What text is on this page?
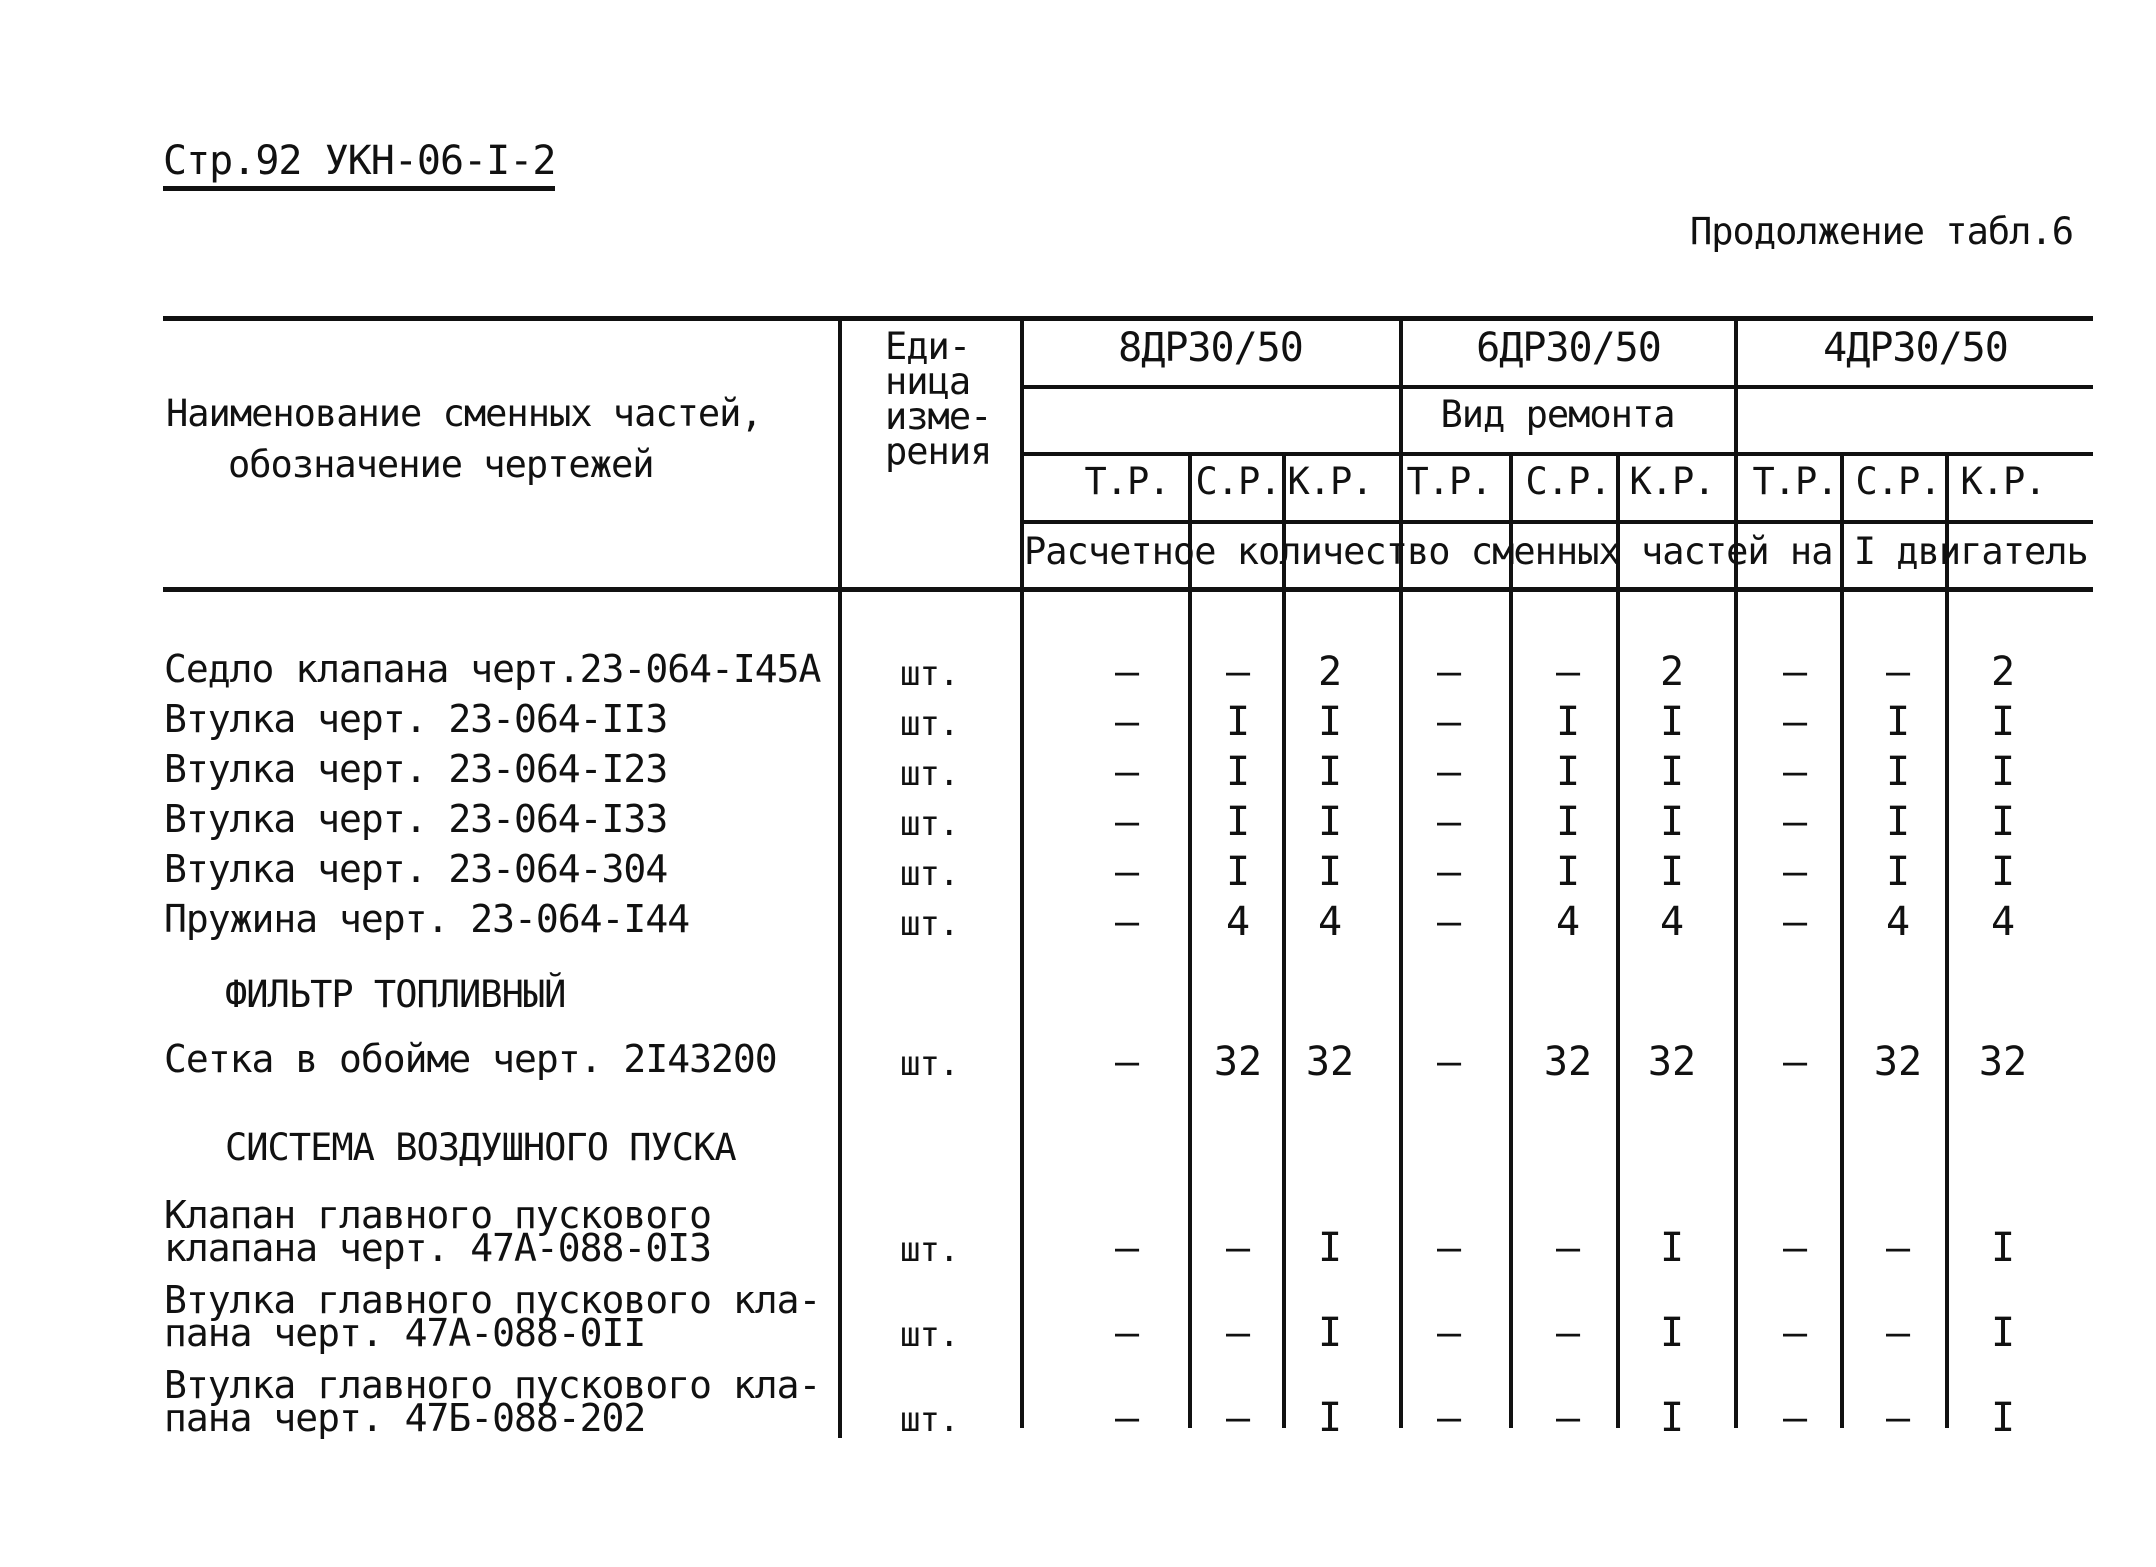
Стр.92 УКН-06-I-2
Продолжение табл.6
Наименование сменных частей,
обозначение чертежей
Еди-
ница
изме-
рения
8ДР30/50	6ДР30/50	4ДР30/50
Вид ремонта
Т.Р. С.Р. К.Р. Т.Р. С.Р. К.Р.	Т.Р. С.Р. К.Р.
Расчетное количество сменных частей на I двигатель
Седло клапана черт.23-064-I45А шт.	–	–	2	–	–	2	–	–	2
Втулка черт. 23-064-II3	шт.	–	I	I	–	I	I	–	I	I
Втулка черт. 23-064-I23	шт.	–	I	I	–	I	I	–	I	I
Втулка черт. 23-064-I33	шт.	–	I	I	–	I	I	–	I	I
Втулка черт. 23-064-304	шт.	–	I	I	–	I	I	–	I	I
Пружина черт. 23-064-I44	шт.	–	4	4	–	4	4	–	4	4
ФИЛЬТР ТОПЛИВНЫЙ
Сетка в обойме черт. 2I43200	шт.	–	32	32	–	32	32	–	32	32
СИСТЕМА ВОЗДУШНОГО ПУСКА
Клапан главного пускового
клапана черт. 47А-088-0I3	шт.	–	–	I	–	–	I	–	–	I
Втулка главного пускового кла-
пана черт. 47А-088-0II	шт.	–	–	I	–	–	I	–	–	I
Втулка главного пускового кла-
пана черт. 47Б-088-202	шт.	–	–	I	–	–	I	–	–	I
